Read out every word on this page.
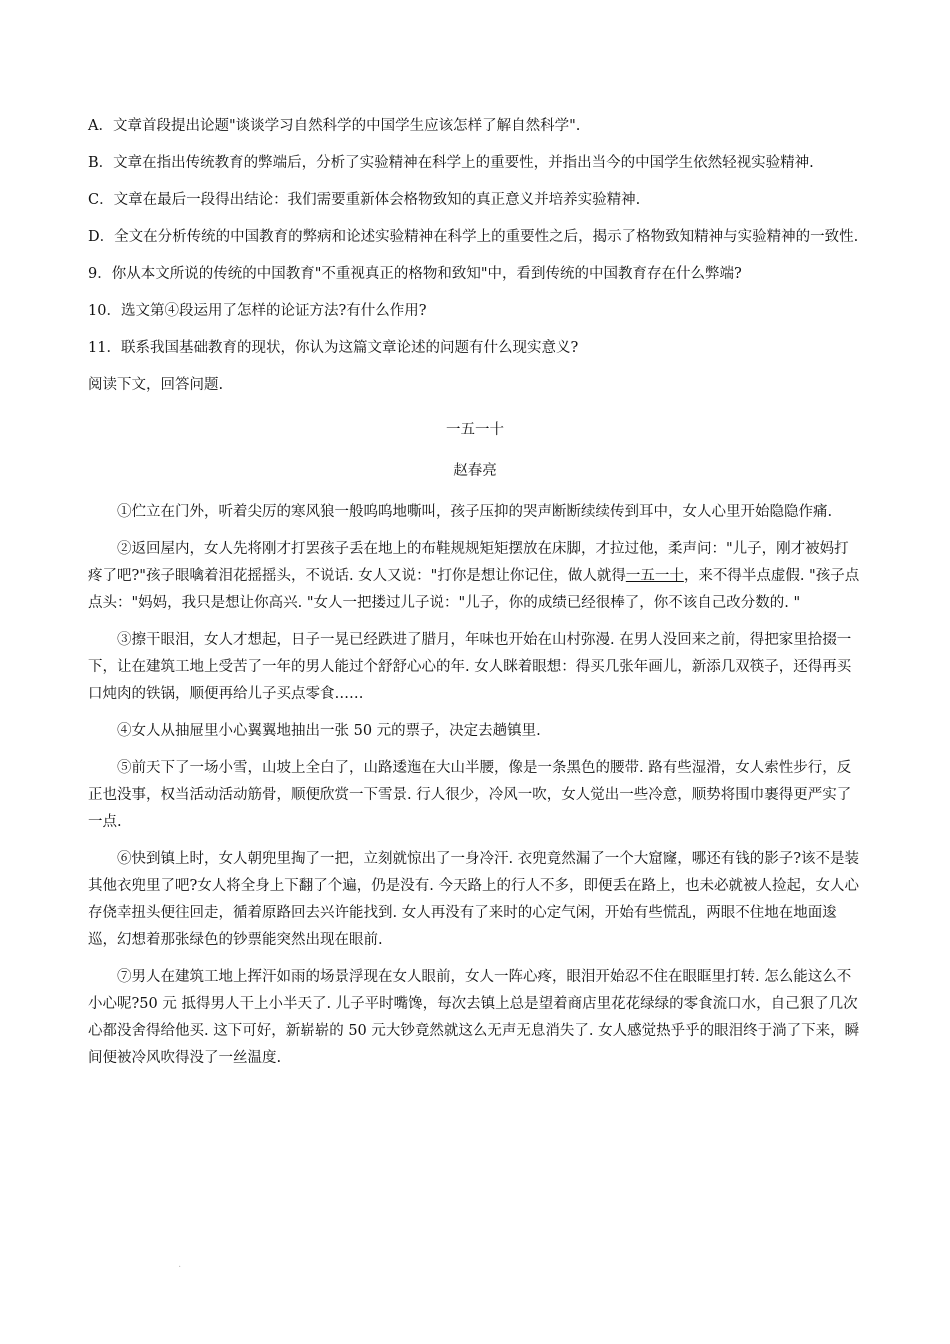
A．文章首段提出论题"谈谈学习自然科学的中国学生应该怎样了解自然科学".

B．文章在指出传统教育的弊端后，分析了实验精神在科学上的重要性，并指出当今的中国学生依然轻视实验精神.

C．文章在最后一段得出结论：我们需要重新体会格物致知的真正意义并培养实验精神.

D．全文在分析传统的中国教育的弊病和论述实验精神在科学上的重要性之后，揭示了格物致知精神与实验精神的一致性.

9．你从本文所说的传统的中国教育"不重视真正的格物和致知"中，看到传统的中国教育存在什么弊端?

10．选文第④段运用了怎样的论证方法?有什么作用?

11．联系我国基础教育的现状，你认为这篇文章论述的问题有什么现实意义?

阅读下文，回答问题.

一五一十

赵春亮

①伫立在门外，听着尖厉的寒风狼一般呜呜地嘶叫，孩子压抑的哭声断断续续传到耳中，女人心里开始隐隐作痛.

②返回屋内，女人先将刚才打罢孩子丢在地上的布鞋规规矩矩摆放在床脚，才拉过他，柔声问："儿子，刚才被妈打疼了吧?"孩子眼噙着泪花摇摇头，不说话. 女人又说："打你是想让你记住，做人就得一五一十，来不得半点虚假. "孩子点点头："妈妈，我只是想让你高兴. "女人一把搂过儿子说："儿子，你的成绩已经很棒了，你不该自己改分数的. "

③擦干眼泪，女人才想起，日子一晃已经跌进了腊月，年味也开始在山村弥漫. 在男人没回来之前，得把家里拾掇一下，让在建筑工地上受苦了一年的男人能过个舒舒心心的年. 女人眯着眼想：得买几张年画儿，新添几双筷子，还得再买口炖肉的铁锅，顺便再给儿子买点零食……

④女人从抽屉里小心翼翼地抽出一张 50 元的票子，决定去趟镇里.

⑤前天下了一场小雪，山坡上全白了，山路逶迤在大山半腰，像是一条黑色的腰带. 路有些湿滑，女人索性步行，反正也没事，权当活动活动筋骨，顺便欣赏一下雪景. 行人很少，冷风一吹，女人觉出一些冷意，顺势将围巾裹得更严实了一点.

⑥快到镇上时，女人朝兜里掏了一把，立刻就惊出了一身冷汗. 衣兜竟然漏了一个大窟窿，哪还有钱的影子?该不是装其他衣兜里了吧?女人将全身上下翻了个遍，仍是没有. 今天路上的行人不多，即便丢在路上，也未必就被人捡起，女人心存侥幸扭头便往回走，循着原路回去兴许能找到. 女人再没有了来时的心定气闲，开始有些慌乱，两眼不住地在地面逡巡，幻想着那张绿色的钞票能突然出现在眼前.

⑦男人在建筑工地上挥汗如雨的场景浮现在女人眼前，女人一阵心疼，眼泪开始忍不住在眼眶里打转. 怎么能这么不小心呢?50 元 抵得男人干上小半天了. 儿子平时嘴馋，每次去镇上总是望着商店里花花绿绿的零食流口水，自己狠了几次心都没舍得给他买. 这下可好，新崭崭的 50 元大钞竟然就这么无声无息消失了. 女人感觉热乎乎的眼泪终于淌了下来，瞬间便被冷风吹得没了一丝温度.

·
